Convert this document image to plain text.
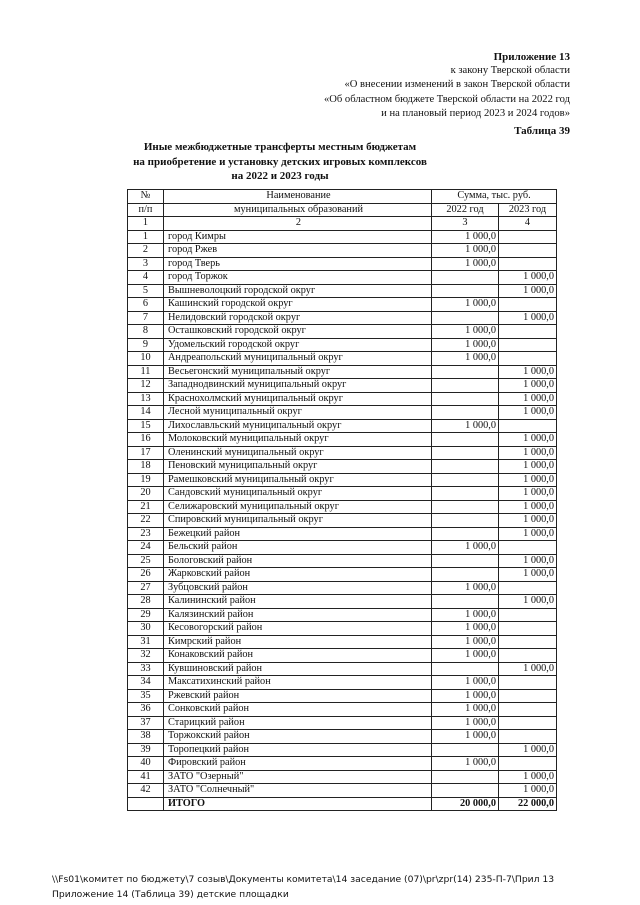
Приложение 13
к закону Тверской области
«О внесении изменений в закон Тверской области
«Об областном бюджете Тверской области на 2022 год
и на плановый период 2023 и 2024 годов»
Таблица 39
Иные межбюджетные трансферты местным бюджетам
на приобретение и установку детских игровых комплексов
на 2022 и 2023 годы
№	Наименование	Сумма, тыс. руб.	
п/п	муниципальных образований	2022 год	2023 год
1	2	3	4
1	город Кимры	1 000,0	
2	город Ржев	1 000,0	
3	город Тверь	1 000,0	
4	город Торжок		1 000,0
5	Вышневолоцкий городской округ		1 000,0
6	Кашинский городской округ	1 000,0	
7	Нелидовский городской округ		1 000,0
8	Осташковский городской округ	1 000,0	
9	Удомельский городской округ	1 000,0	
10	Андреапольский муниципальный округ	1 000,0	
11	Весьегонский муниципальный округ		1 000,0
12	Западнодвинский муниципальный округ		1 000,0
13	Краснохолмский муниципальный округ		1 000,0
14	Лесной муниципальный округ		1 000,0
15	Лихославльский муниципальный округ	1 000,0	
16	Молоковский муниципальный округ		1 000,0
17	Оленинский муниципальный округ		1 000,0
18	Пеновский муниципальный округ		1 000,0
19	Рамешковский муниципальный округ		1 000,0
20	Сандовский муниципальный округ		1 000,0
21	Селижаровский муниципальный округ		1 000,0
22	Спировский муниципальный округ		1 000,0
23	Бежецкий район		1 000,0
24	Бельский район	1 000,0	
25	Бологовский район		1 000,0
26	Жарковский район		1 000,0
27	Зубцовский район	1 000,0	
28	Калининский район		1 000,0
29	Калязинский район	1 000,0	
30	Кесовогорский район	1 000,0	
31	Кимрский район	1 000,0	
32	Конаковский район	1 000,0	
33	Кувшиновский район		1 000,0
34	Максатихинский район	1 000,0	
35	Ржевский район	1 000,0	
36	Сонковский район	1 000,0	
37	Старицкий район	1 000,0	
38	Торжокский район	1 000,0	
39	Торопецкий район		1 000,0
40	Фировский район	1 000,0	
41	ЗАТО "Озерный"		1 000,0
42	ЗАТО "Солнечный"		1 000,0
	ИТОГО	20 000,0	22 000,0
\\Fs01\комитет по бюджету\7 созыв\Документы комитета\14 заседание (07)\pr\zpr(14) 235-П-7\Прил 13
Приложение 14 (Таблица 39) детские площадки
